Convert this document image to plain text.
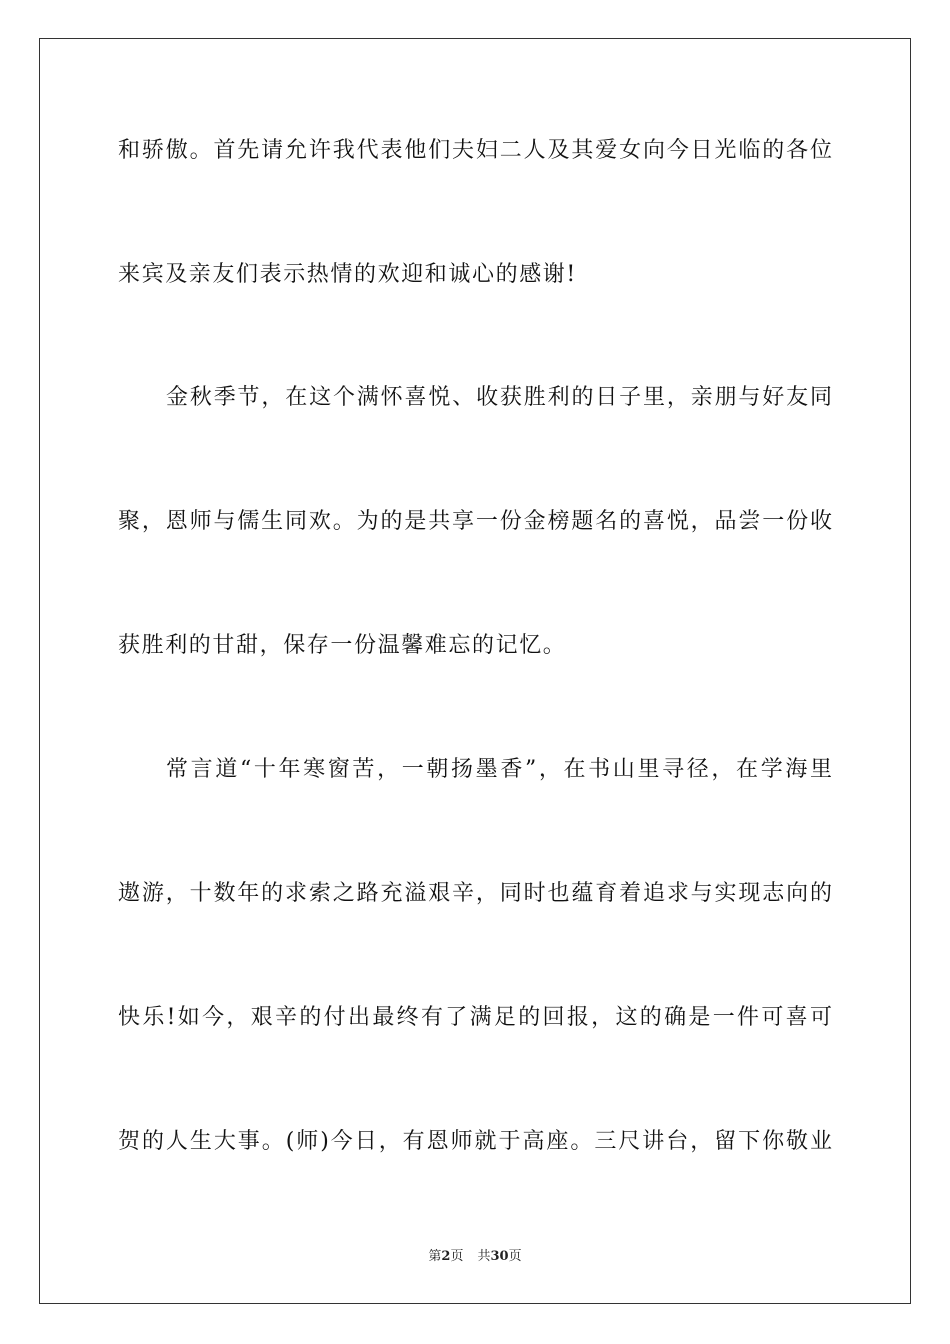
和骄傲。首先请允许我代表他们夫妇二人及其爱女向今日光临的各位
来宾及亲友们表示热情的欢迎和诚心的感谢!
金秋季节，在这个满怀喜悦、收获胜利的日子里，亲朋与好友同
聚，恩师与儒生同欢。为的是共享一份金榜题名的喜悦，品尝一份收
获胜利的甘甜，保存一份温馨难忘的记忆。
常言道“十年寒窗苦，一朝扬墨香”，在书山里寻径，在学海里
遨游，十数年的求索之路充溢艰辛，同时也蕴育着追求与实现志向的
快乐!如今，艰辛的付出最终有了满足的回报，这的确是一件可喜可
贺的人生大事。(师)今日，有恩师就于高座。三尺讲台，留下你敬业
第2页 共30页
